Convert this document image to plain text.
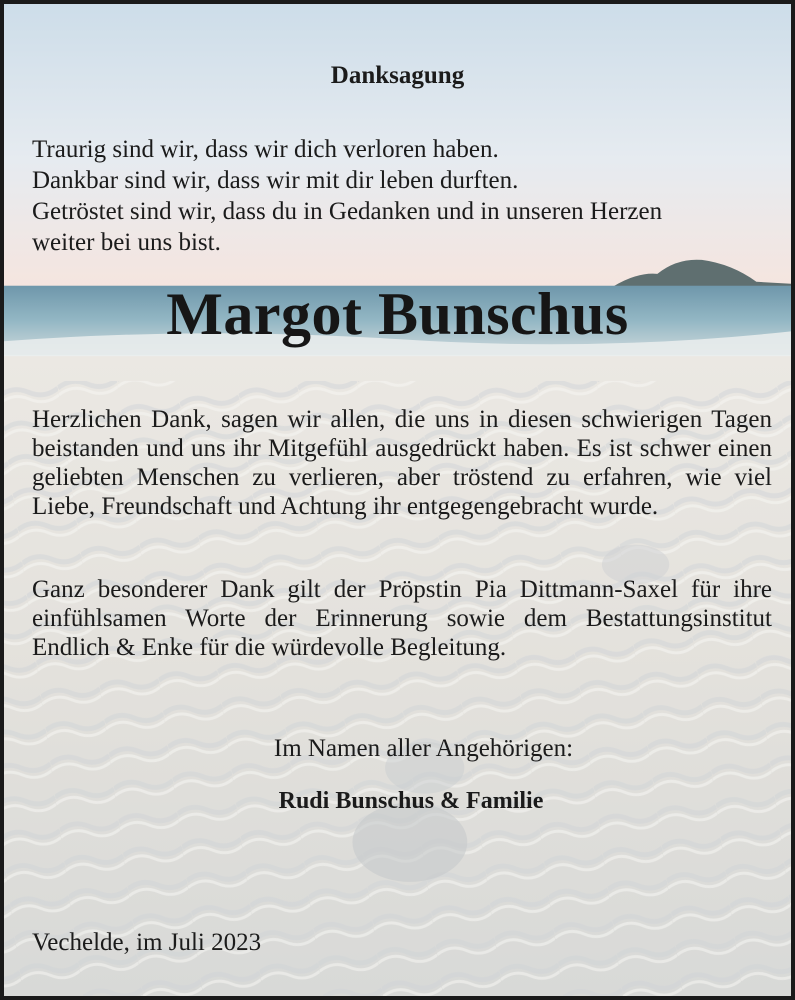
Danksagung

Traurig sind wir, dass wir dich verloren haben.
Dankbar sind wir, dass wir mit dir leben durften.
Getröstet sind wir, dass du in Gedanken und in unseren Herzen
weiter bei uns bist.

Margot Bunschus

Herzlichen Dank, sagen wir allen, die uns in diesen schwierigen Tagen beistanden und uns ihr Mitgefühl ausgedrückt haben. Es ist schwer einen geliebten Menschen zu verlieren, aber tröstend zu erfahren, wie viel Liebe, Freundschaft und Achtung ihr entgegengebracht wurde.

Ganz besonderer Dank gilt der Pröpstin Pia Dittmann-Saxel für ihre einfühlsamen Worte der Erinnerung sowie dem Bestattungsinstitut Endlich & Enke für die würdevolle Begleitung.

Im Namen aller Angehörigen:

Rudi Bunschus & Familie

Vechelde, im Juli 2023
